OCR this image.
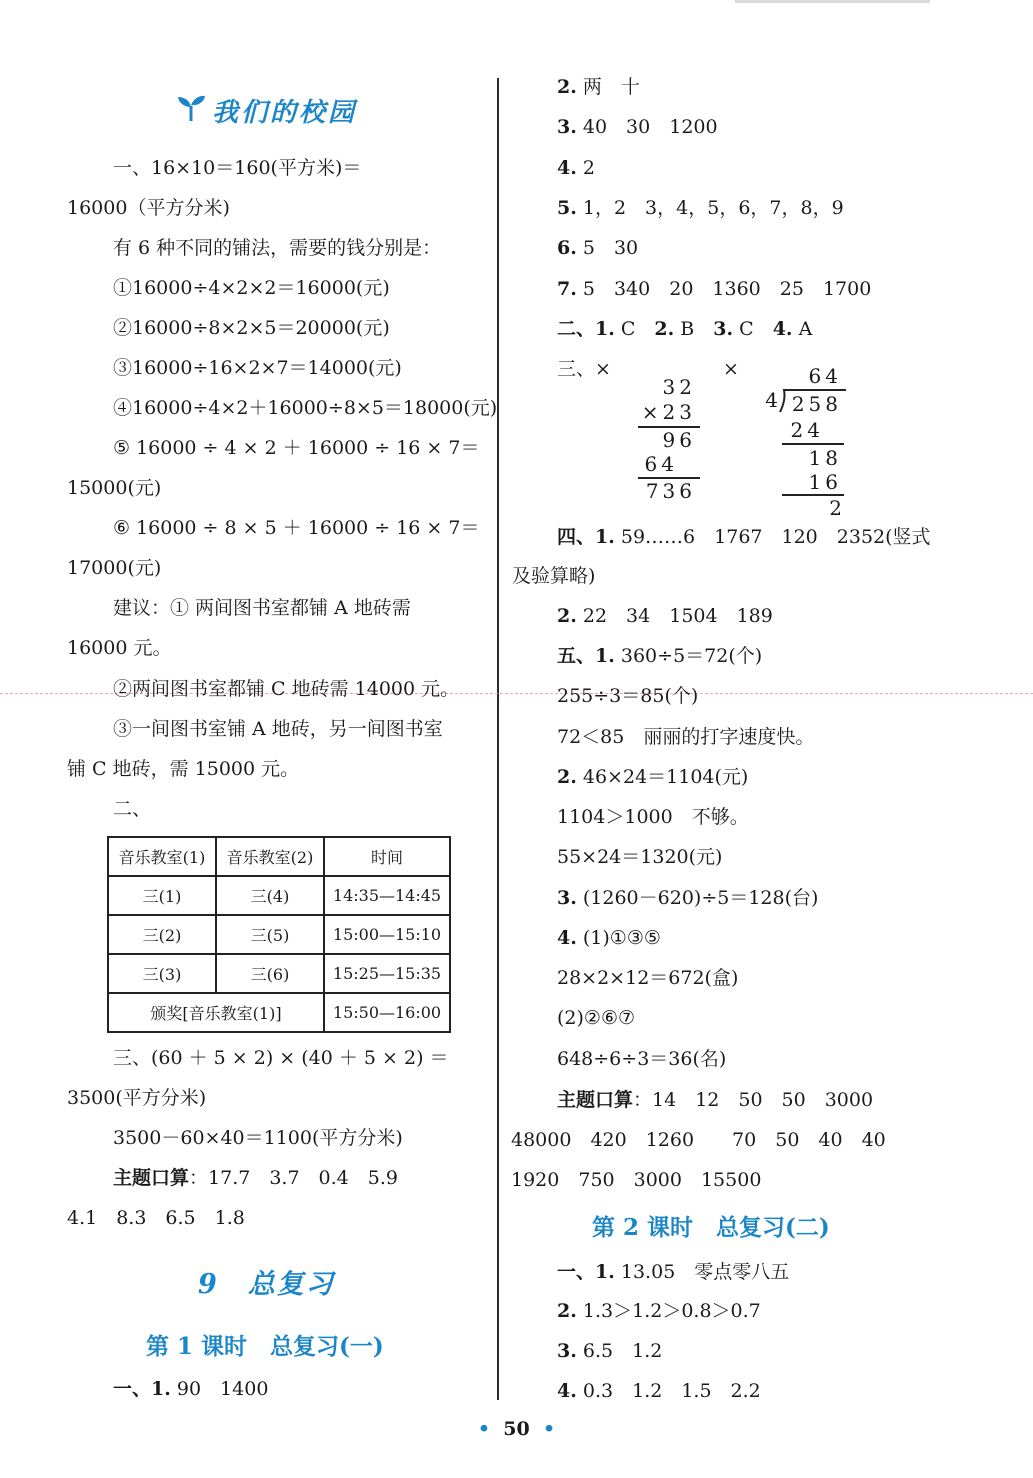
我们的校园
一、16×10＝160(平方米)＝
16000（平方分米)
有 6 种不同的铺法，需要的钱分别是：
①16000÷4×2×2＝16000(元)
②16000÷8×2×5＝20000(元)
③16000÷16×2×7＝14000(元)
④16000÷4×2＋16000÷8×5＝18000(元)
⑤ 16000 ÷ 4 × 2 ＋ 16000 ÷ 16 × 7＝
15000(元)
⑥ 16000 ÷ 8 × 5 ＋ 16000 ÷ 16 × 7＝
17000(元)
建议：① 两间图书室都铺 A 地砖需
16000 元。
②两间图书室都铺 C 地砖需 14000 元。
③一间图书室铺 A 地砖，另一间图书室
铺 C 地砖，需 15000 元。
二、
音乐教室(1)	音乐教室(2)	时间
三(1)	三(4)	14:35—14:45
三(2)	三(5)	15:00—15:10
三(3)	三(6)	15:25—15:35
颁奖[音乐教室(1)]		15:50—16:00
三、(60 ＋ 5 × 2) × (40 ＋ 5 × 2) ＝
3500(平方分米)
3500－60×40＝1100(平方分米)
主题口算：17.7　3.7　0.4　5.9
4.1　8.3　6.5　1.8
9　总复习
第 1 课时　总复习(一)
一、1. 90　1400
2. 两　十
3. 40　30　1200
4. 2
5. 1，2　3，4，5，6，7，8，9
6. 5　30
7. 5　340　20　1360　25　1700
二、1. C　2. B　3. C　4. A
三、×	×
32
×23
96
64
736
64
4 258
24
18
16
2
四、1. 59……6　1767　120　2352(竖式
及验算略)
2. 22　34　1504　189
五、1. 360÷5＝72(个)
255÷3＝85(个)
72＜85　丽丽的打字速度快。
2. 46×24＝1104(元)
1104＞1000　不够。
55×24＝1320(元)
3. (1260－620)÷5＝128(台)
4. (1)①③⑤
28×2×12＝672(盒)
(2)②⑥⑦
648÷6÷3＝36(名)
主题口算：14　12　50　50　3000
48000　420　1260　　70　50　40　40
1920　750　3000　15500
第 2 课时　总复习(二)
一、1. 13.05　零点零八五
2. 1.3＞1.2＞0.8＞0.7
3. 6.5　1.2
4. 0.3　1.2　1.5　2.2
• 50 •
